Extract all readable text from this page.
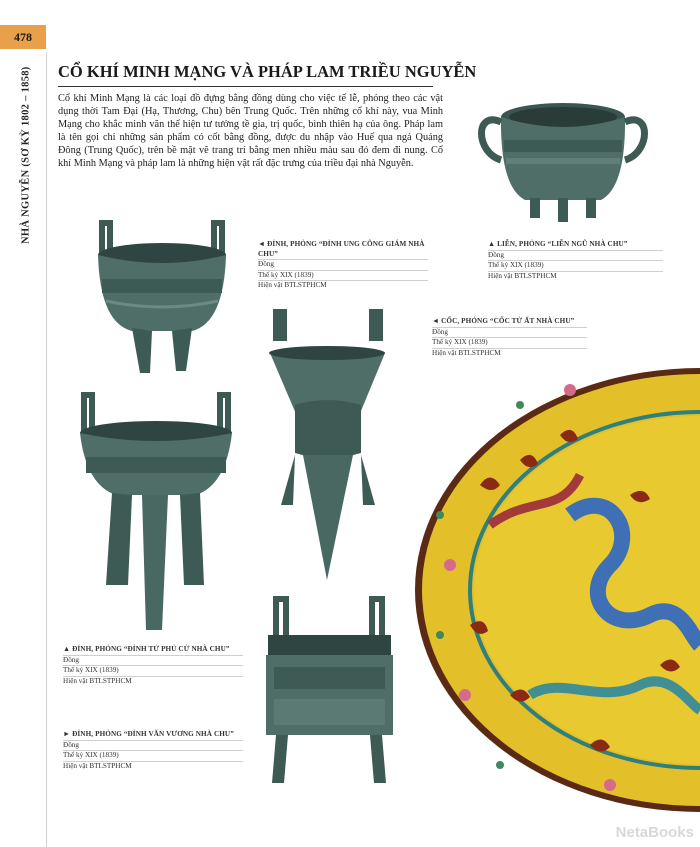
478
NHÀ NGUYỄN (SƠ KỲ 1802 – 1858)	CỔ KHÍ MINH MẠNG VÀ PHÁP LAM TRIỀU NGUYỄN
Cổ khí Minh Mạng là các loại đồ đựng bằng đồng dùng cho việc tế lễ, phỏng theo các vật dụng thời Tam Đại (Hạ, Thương, Chu) bên Trung Quốc. Trên những cổ khí này, vua Minh Mạng cho khắc minh văn thể hiện tư tưởng tề gia, trị quốc, bình thiên hạ của ông. Pháp lam là tên gọi chỉ những sản phẩm có cốt bằng đồng, được du nhập vào Huế qua ngả Quảng Đông (Trung Quốc), trên bề mặt vẽ trang trí bằng men nhiều màu sau đó đem đi nung. Cổ khí Minh Mạng và pháp lam là những hiện vật rất đặc trưng của triều đại nhà Nguyễn.
◄ ĐỈNH, PHỎNG “ĐỈNH UNG CÔNG GIÁM NHÀ CHU”
Đồng
Thế kỷ XIX (1839)
Hiện vật BTLSTPHCM
▲ LIỄN, PHỎNG “LIỄN NGŨ NHÀ CHU”
Đồng
Thế kỷ XIX (1839)
Hiện vật BTLSTPHCM
◄ CỐC, PHỎNG “CỐC TỬ ẤT NHÀ CHU”
Đồng
Thế kỷ XIX (1839)
Hiện vật BTLSTPHCM
▲ ĐỈNH, PHỎNG “ĐỈNH TỬ PHỦ CỬ NHÀ CHU”
Đồng
Thế kỷ XIX (1839)
Hiện vật BTLSTPHCM
► ĐỈNH, PHỎNG “ĐỈNH VĂN VƯƠNG NHÀ CHU”
Đồng
Thế kỷ XIX (1839)
Hiện vật BTLSTPHCM
NetaBooks
